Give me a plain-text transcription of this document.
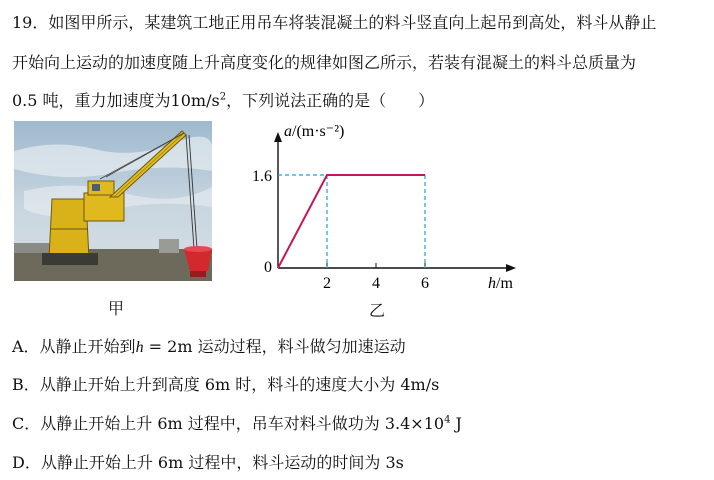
19．如图甲所示，某建筑工地正用吊车将装混凝土的料斗竖直向上起吊到高处，料斗从静止
开始向上运动的加速度随上升高度变化的规律如图乙所示，若装有混凝土的料斗总质量为
0.5 吨，重力加速度为$10m/s^2$，下列说法正确的是（　　）
甲
2	4	6
1.6
0
a/(m·s⁻²)
h/m
乙
A．从静止开始到h = 2m 运动过程，料斗做匀加速运动
B．从静止开始上升到高度 6m 时，料斗的速度大小为 4m/s
C．从静止开始上升 6m 过程中，吊车对料斗做功为 $3.4\times 10^4$ J
D．从静止开始上升 6m 过程中，料斗运动的时间为 3s
